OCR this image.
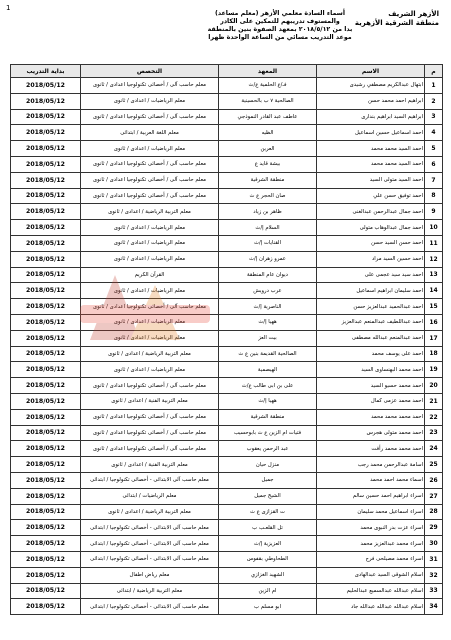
1
الأزهر الشريف
منطقة الشرقية الأزهرية
أسماء السادة معلمي الأزهر (معلم مساعد)
والمستوف تدريبهم للتمكين على الكادر
بدا من ٢٠١٨/٥/١٢ بمعهد الصفوة بنين بالمنطقة
موعد التدريب مسائي من الساعة الواحدة ظهرا
م	الاسم	المعهد	التخصص	بداية التدريب
1	ابتهال عبدالكريم مصطفي رشيدى	فـ/ع الحلمية ع/ث	معلم حاسب آلى / أخصائى تكنولوجيا اعدادى / ثانوى	2018/05/12
2	ابراهيم احمد محمد حسن	الصالحية ٧ ب بالحسينية	معلم الرياضيات / اعدادى / ثانوى	2018/05/12
3	ابراهيم السيد ابراهيم بندارى	عاطف عبد القادر النموذجي	معلم حاسب آلى / أخصائى تكنولوجيا اعدادى / ثانوى	2018/05/12
4	احمد اسماعيل حسين اسماعيل	الظيه	معلم اللغة العربية / ابتدائى	2018/05/12
5	احمد السيد محمد محمد	العرين	معلم الرياضيات / اعدادى / ثانوى	2018/05/12
6	احمد السيد محمد محمد	بيشة قايد ع	معلم حاسب آلى / أخصائى تكنولوجيا اعدادى / ثانوى	2018/05/12
7	احمد السيد متولى السيد	منطقة الشرقية	معلم حاسب آلى / أخصائى تكنولوجيا اعدادى / ثانوى	2018/05/12
8	احمد توفيق حسن علي	صان الحجر ع ث	معلم حاسب آلى / أخصائى تكنولوجيا اعدادى / ثانوى	2018/05/12
9	احمد جمال عبدالرحمن عبدالغنى	ظاهر بن زياد	معلم التربية الرياضية / اعدادى / ثانوى	2018/05/12
10	احمد جمال عبدالوهاب متولى	السلام إ/ث	معلم الرياضيات / اعدادى / ثانوى	2018/05/12
11	احمد حسن السيد حسن	القنايات إ/ث	معلم الرياضيات / اعدادى / ثانوى	2018/05/12
12	احمد حسين السيد مراد	عمرو زهران إ/ث	معلم الرياضيات / اعدادى / ثانوى	2018/05/12
13	احمد سيد سيد عجمى على	ديوان عام المنطقة	القرآن الكريم	2018/05/12
14	احمد سليمان ابراهيم اسماعيل	عرب درويش	معلم الرياضيات / اعدادى / ثانوى	2018/05/12
15	احمد عبدالحميد عبدالعزيز حسن	الناصرية إ/ث	معلم حاسب آلى / أخصائى تكنولوجيا اعدادى / ثانوى	2018/05/12
16	احمد عبداللطيف عبدالمنعم عبدالعزيز	ههيا إ/ث	معلم الرياضيات / اعدادى / ثانوى	2018/05/12
17	احمد عبدالمنعم عبدالله مصطفى	بيت العز	معلم الرياضيات / اعدادى / ثانوى	2018/05/12
18	احمد على يوسف محمد	الصالحية القديمة بنين ع ث	معلم التربية الرياضية / اعدادى / ثانوى	2018/05/12
19	احمد محمد البهنساوى السيد	الهيصمية	معلم الرياضيات / اعدادى / ثانوى	2018/05/12
20	احمد محمد حسيو السيد	على بن ابى طالب ع/ث	معلم حاسب آلى / أخصائى تكنولوجيا اعدادى / ثانوى	2018/05/12
21	احمد محمد عزمى كمال	ههيا إ/ث	معلم التربية الفنية / اعدادى / ثانوى	2018/05/12
22	احمد محمد محمد محمد	منطقة الشرقية	معلم حاسب آلى / أخصائى تكنولوجيا اعدادى / ثانوى	2018/05/12
23	احمد محمد متولى هجرس	فتيات ام الزين ع ث بابوحسيب	معلم حاسب آلى / أخصائى تكنولوجيا اعدادى / ثانوى	2018/05/12
24	احمد محمد محمد رأفت	عبد الرحمن يعقوب	معلم حاسب آلى / أخصائى تكنولوجيا اعدادى / ثانوى	2018/05/12
25	اسامة عبدالرحمن محمد رجب	منزل حيان	معلم التربية الفنية / اعدادى / ثانوى	2018/05/12
26	اسماء محمد احمد محمد	جميل	معلم حاسب آلى الابتدائى - أخصائى تكنولوجيا / ابتدائى	2018/05/12
27	اسراء ابراهيم احمد حسين سالم	الشيخ جميل	معلم الرياضيات / ابتدائى	2018/05/12
28	اسراء اسماعيل محمد سليمان	ت القزازى ع ث	معلم التربية الرياضية / اعدادى / ثانوى	2018/05/12
29	اسراء عزت بدر النبوى محمد	تل القلعـب ب	معلم حاسب آلى الابتدائى - أخصائى تكنولوجيا / ابتدائى	2018/05/12
30	اسراء محمد عبدالعزيز محمد	العزيزية إ/ث	معلم حاسب آلى الابتدائى - أخصائى تكنولوجيا / ابتدائى	2018/05/12
31	اسراء محمد مصيلحى فرج	الطحاوطي بقفوس	معلم حاسب آلى الابتدائى - أخصائى تكنولوجيا / ابتدائى	2018/05/12
32	اسلام الشوقى السيد عبدالهادى	الشهيد الغزازي	معلم رياض اطفال	2018/05/12
33	اسلام عبدالله عبدالسميع عبدالحليم	ام الزين	معلم التربية الرياضية / ابتدائى	2018/05/12
34	اسلام عبدالله عبدالله عبدالله جاد	ابو مسلم ب	معلم حاسب آلى الابتدائى - أخصائى تكنولوجيا / ابتدائى	2018/05/12
